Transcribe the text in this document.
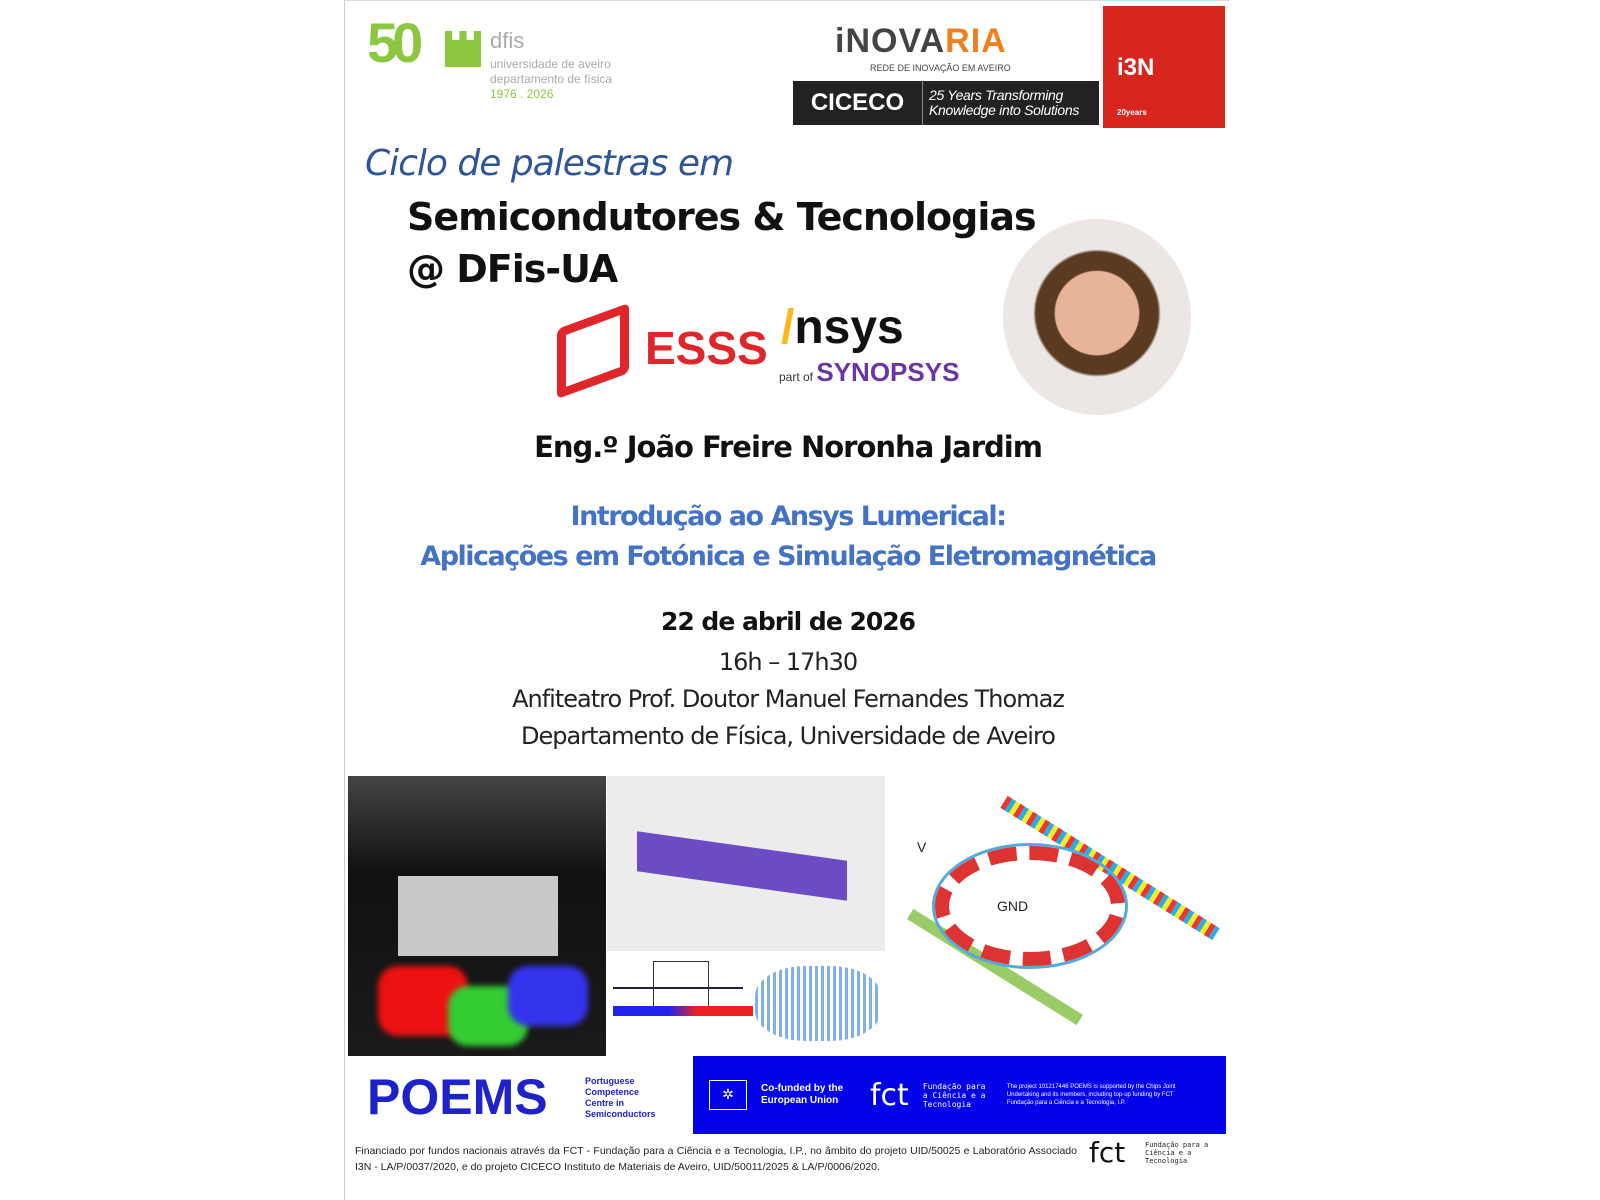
50	dfis
universidade de aveiro
departamento de física
1976 . 2026
iNOVARIA
REDE DE INOVAÇÃO EM AVEIRO
CICECO	25 Years Transforming
Knowledge into Solutions
i3N
20years
Ciclo de palestras em
Semicondutores & Tecnologias
@ DFis-UA
ESSS /nsys
part of SYNOPSYS
Eng.º João Freire Noronha Jardim
Introdução ao Ansys Lumerical:
Aplicações em Fotónica e Simulação Eletromagnética
22 de abril de 2026
16h – 17h30
Anfiteatro Prof. Doutor Manuel Fernandes Thomaz
Departamento de Física, Universidade de Aveiro
V
GND
POEMS	Portuguese Competence Centre in Semiconductors
✲	Co-funded by the European Union	fct Fundação para a Ciência e a Tecnologia
The project 101217446 POEMS is supported by the Chips Joint Undertaking and its members, including top-up funding by FCT Fundação para a Ciência e a Tecnologia, I.P.
Financiado por fundos nacionais através da FCT - Fundação para a Ciência e a Tecnologia, I.P., no âmbito do projeto UID/50025 e Laboratório Associado I3N - LA/P/0037/2020, e do projeto CICECO Instituto de Materiais de Aveiro, UID/50011/2025 & LA/P/0006/2020.	fct	Fundação para a Ciência e a Tecnologia
